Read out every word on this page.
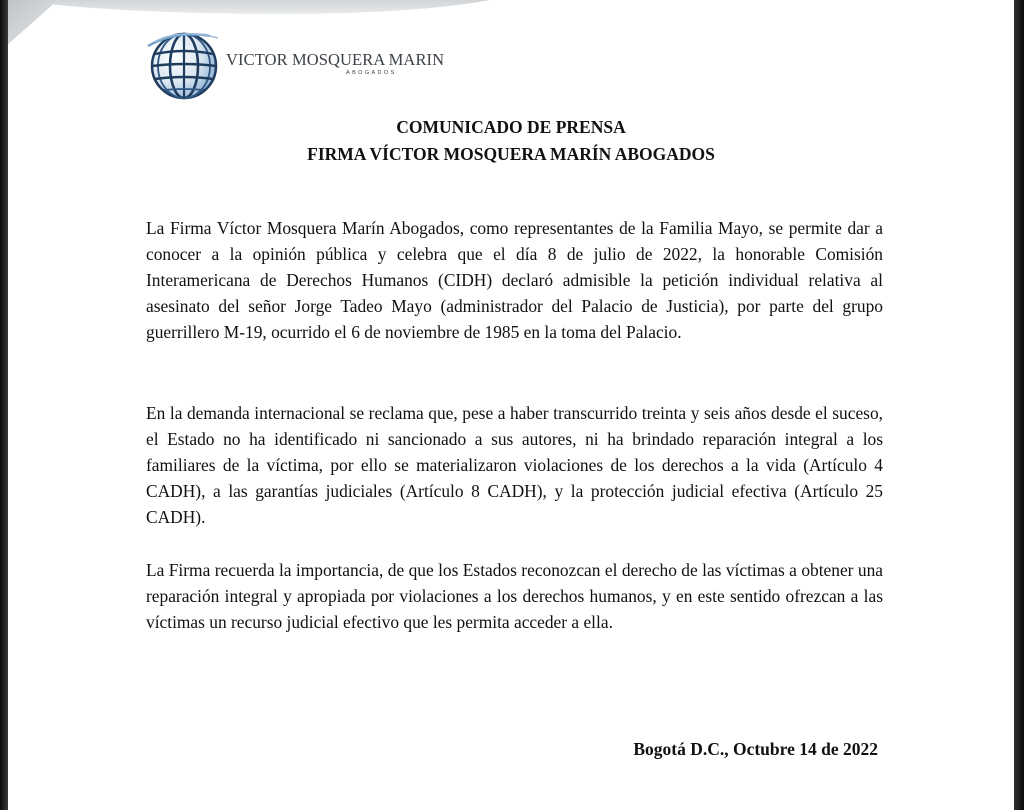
VICTOR MOSQUERA MARIN
ABOGADOS
COMUNICADO DE PRENSA
FIRMA VÍCTOR MOSQUERA MARÍN ABOGADOS

La Firma Víctor Mosquera Marín Abogados, como representantes de la Familia Mayo, se permite dar a conocer a la opinión pública y celebra que el día 8 de julio de 2022, la honorable Comisión Interamericana de Derechos Humanos (CIDH) declaró admisible la petición individual relativa al asesinato del señor Jorge Tadeo Mayo (administrador del Palacio de Justicia), por parte del grupo guerrillero M-19, ocurrido el 6 de noviembre de 1985 en la toma del Palacio.

En la demanda internacional se reclama que, pese a haber transcurrido treinta y seis años desde el suceso, el Estado no ha identificado ni sancionado a sus autores, ni ha brindado reparación integral a los familiares de la víctima, por ello se materializaron violaciones de los derechos a la vida (Artículo 4 CADH), a las garantías judiciales (Artículo 8 CADH), y la protección judicial efectiva (Artículo 25 CADH).

La Firma recuerda la importancia, de que los Estados reconozcan el derecho de las víctimas a obtener una reparación integral y apropiada por violaciones a los derechos humanos, y en este sentido ofrezcan a las víctimas un recurso judicial efectivo que les permita acceder a ella.

Bogotá D.C., Octubre 14 de 2022
